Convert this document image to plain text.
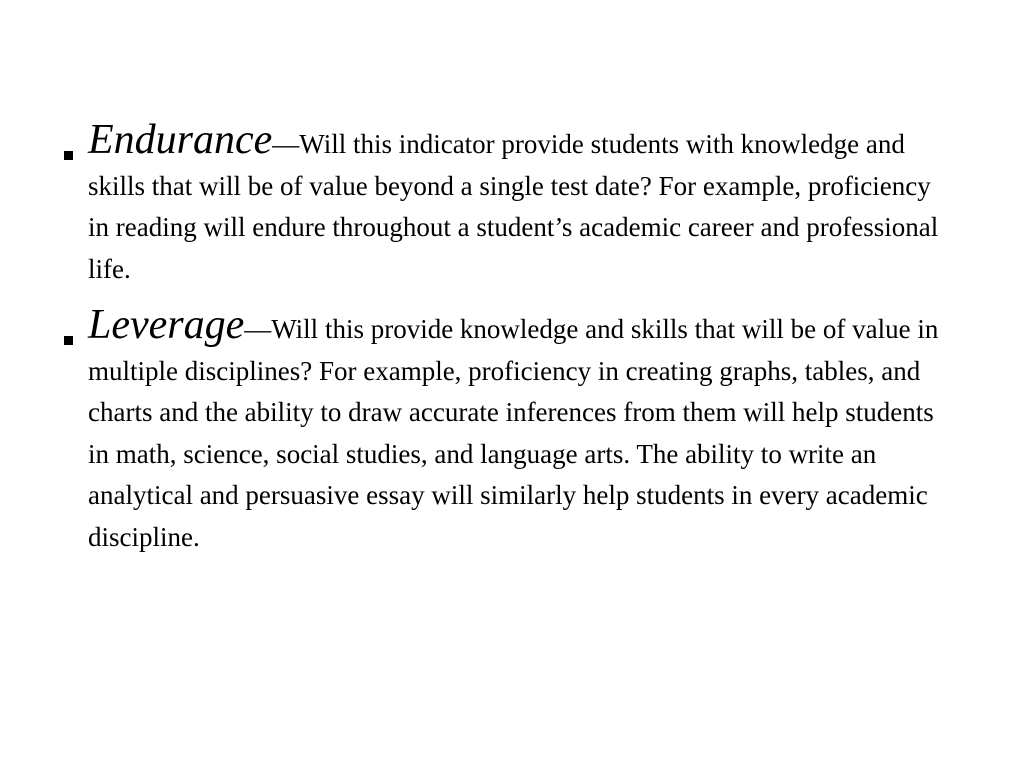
Endurance—Will this indicator provide students with knowledge and skills that will be of value beyond a single test date? For example, proficiency in reading will endure throughout a student’s academic career and professional life.
Leverage—Will this provide knowledge and skills that will be of value in multiple disciplines? For example, proficiency in creating graphs, tables, and charts and the ability to draw accurate inferences from them will help students in math, science, social studies, and language arts. The ability to write an analytical and persuasive essay will similarly help students in every academic discipline.
